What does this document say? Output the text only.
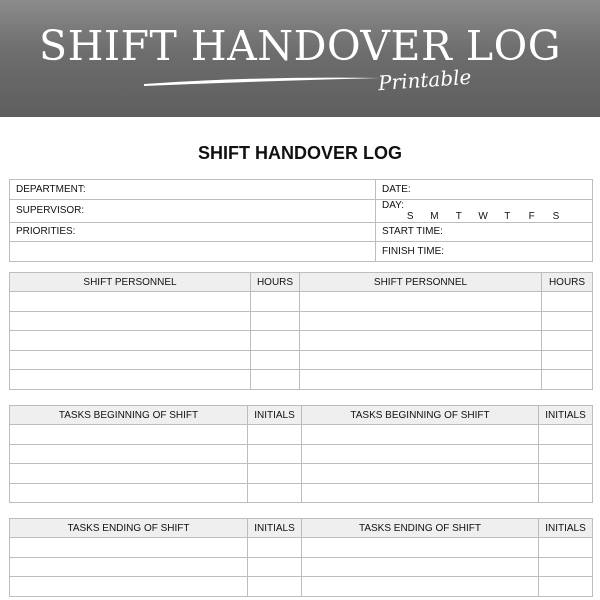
SHIFT HANDOVER LOG
Printable
SHIFT HANDOVER LOG
DEPARTMENT:	DATE:
SUPERVISOR:	DAY: S M T W T F S
PRIORITIES:	START TIME:
	FINISH TIME:
SHIFT PERSONNEL	HOURS	SHIFT PERSONNEL	HOURS

TASKS BEGINNING OF SHIFT	INITIALS	TASKS BEGINNING OF SHIFT	INITIALS

TASKS ENDING OF SHIFT	INITIALS	TASKS ENDING OF SHIFT	INITIALS
